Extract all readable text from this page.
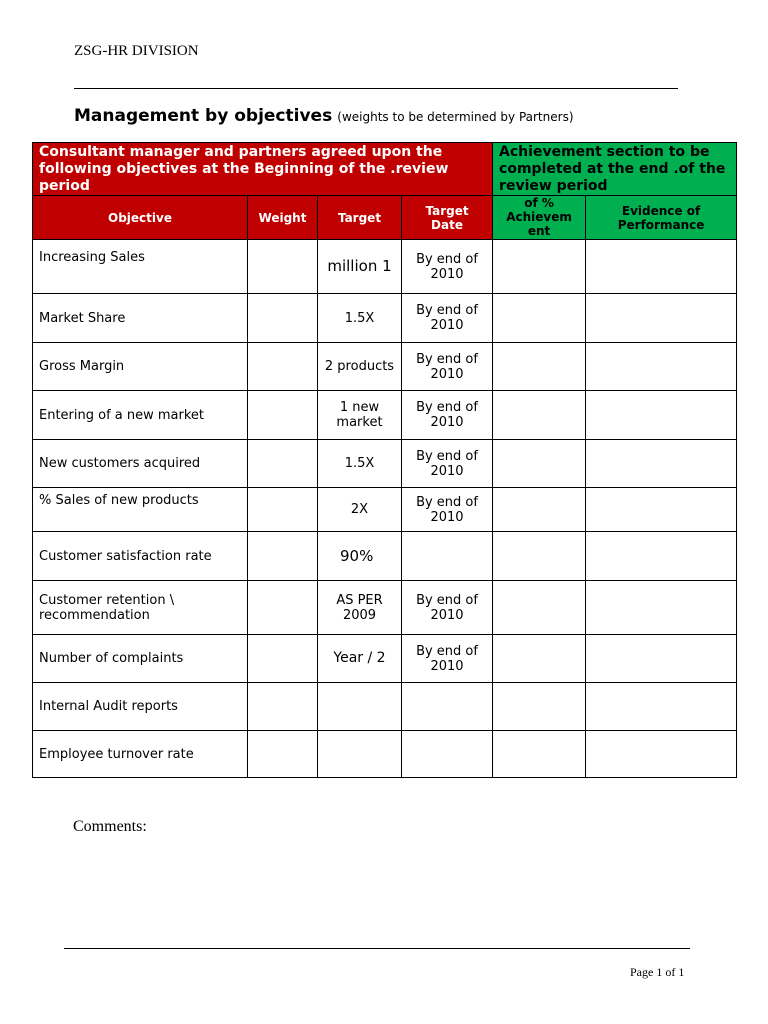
ZSG-HR DIVISION
Management by objectives (weights to be determined by Partners)
Consultant manager and partners agreed upon the following objectives at the Beginning of the .review period				Achievement section to be completed at the end .of the review period	
Objective	Weight	Target	Target Date	of % Achievem ent	Evidence of Performance
Increasing Sales		million 1	By end of 2010		
Market Share		1.5X	By end of 2010		
Gross Margin		2 products	By end of 2010		
Entering of a new market		1 new market	By end of 2010		
New customers acquired		1.5X	By end of 2010		
% Sales of new products		2X	By end of 2010		
Customer satisfaction rate		90%			
Customer retention \ recommendation		AS PER 2009	By end of 2010		
Number of complaints		Year / 2	By end of 2010		
Internal Audit reports					
Employee turnover rate					
Comments:
Page 1 of 1
